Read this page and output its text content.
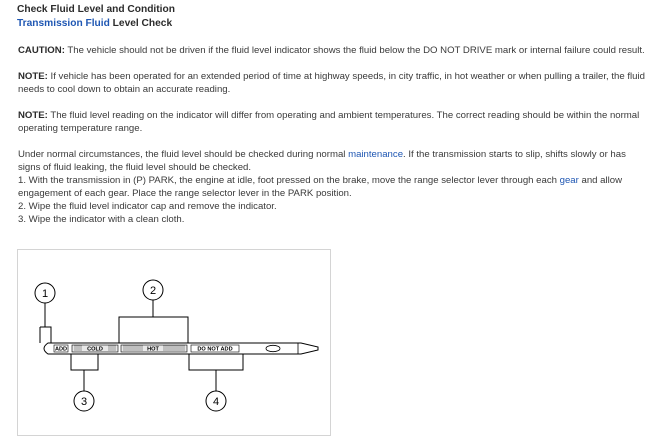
Check Fluid Level and Condition
Transmission Fluid Level Check
CAUTION: The vehicle should not be driven if the fluid level indicator shows the fluid below the DO NOT DRIVE mark or internal failure could result.
NOTE: If vehicle has been operated for an extended period of time at highway speeds, in city traffic, in hot weather or when pulling a trailer, the fluid needs to cool down to obtain an accurate reading.
NOTE: The fluid level reading on the indicator will differ from operating and ambient temperatures. The correct reading should be within the normal operating temperature range.
Under normal circumstances, the fluid level should be checked during normal maintenance. If the transmission starts to slip, shifts slowly or has signs of fluid leaking, the fluid level should be checked.
1. With the transmission in (P) PARK, the engine at idle, foot pressed on the brake, move the range selector lever through each gear and allow engagement of each gear. Place the range selector lever in the PARK position.
2. Wipe the fluid level indicator cap and remove the indicator.
3. Wipe the indicator with a clean cloth.
1	2
3	4
ADD	COLD	HOT	DO NOT ADD
